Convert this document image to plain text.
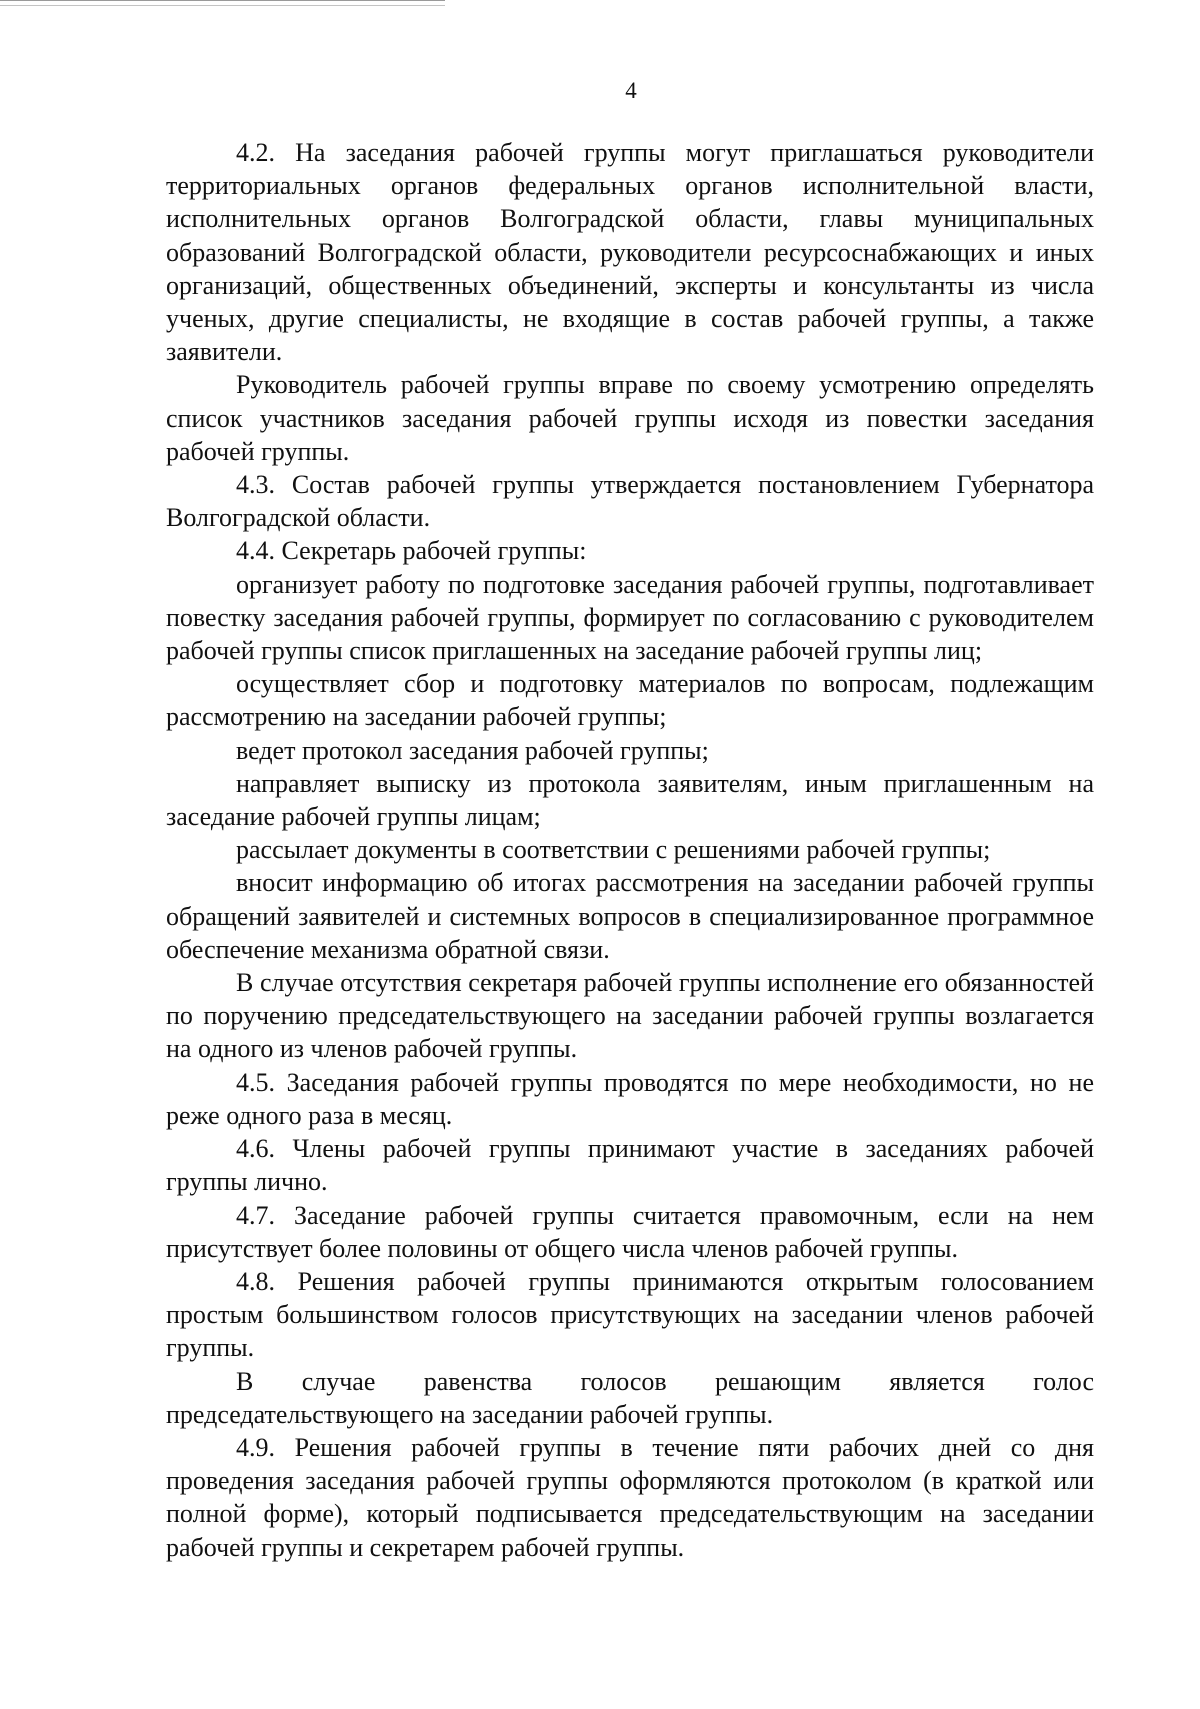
4

4.2. На заседания рабочей группы могут приглашаться руководители территориальных органов федеральных органов исполнительной власти, исполнительных органов Волгоградской области, главы муниципальных образований Волгоградской области, руководители ресурсоснабжающих и иных организаций, общественных объединений, эксперты и консультанты из числа ученых, другие специалисты, не входящие в состав рабочей группы, а также заявители.

Руководитель рабочей группы вправе по своему усмотрению определять список участников заседания рабочей группы исходя из повестки заседания рабочей группы.

4.3. Состав рабочей группы утверждается постановлением Губернатора Волгоградской области.

4.4. Секретарь рабочей группы:

организует работу по подготовке заседания рабочей группы, подготавливает повестку заседания рабочей группы, формирует по согласованию с руководителем рабочей группы список приглашенных на заседание рабочей группы лиц;

осуществляет сбор и подготовку материалов по вопросам, подлежащим рассмотрению на заседании рабочей группы;

ведет протокол заседания рабочей группы;

направляет выписку из протокола заявителям, иным приглашенным на заседание рабочей группы лицам;

рассылает документы в соответствии с решениями рабочей группы;

вносит информацию об итогах рассмотрения на заседании рабочей группы обращений заявителей и системных вопросов в специализированное программное обеспечение механизма обратной связи.

В случае отсутствия секретаря рабочей группы исполнение его обязанностей по поручению председательствующего на заседании рабочей группы возлагается на одного из членов рабочей группы.

4.5. Заседания рабочей группы проводятся по мере необходимости, но не реже одного раза в месяц.

4.6. Члены рабочей группы принимают участие в заседаниях рабочей группы лично.

4.7. Заседание рабочей группы считается правомочным, если на нем присутствует более половины от общего числа членов рабочей группы.

4.8. Решения рабочей группы принимаются открытым голосованием простым большинством голосов присутствующих на заседании членов рабочей группы.

В случае равенства голосов решающим является голос председательствующего на заседании рабочей группы.

4.9. Решения рабочей группы в течение пяти рабочих дней со дня проведения заседания рабочей группы оформляются протоколом (в краткой или полной форме), который подписывается председательствующим на заседании рабочей группы и секретарем рабочей группы.
